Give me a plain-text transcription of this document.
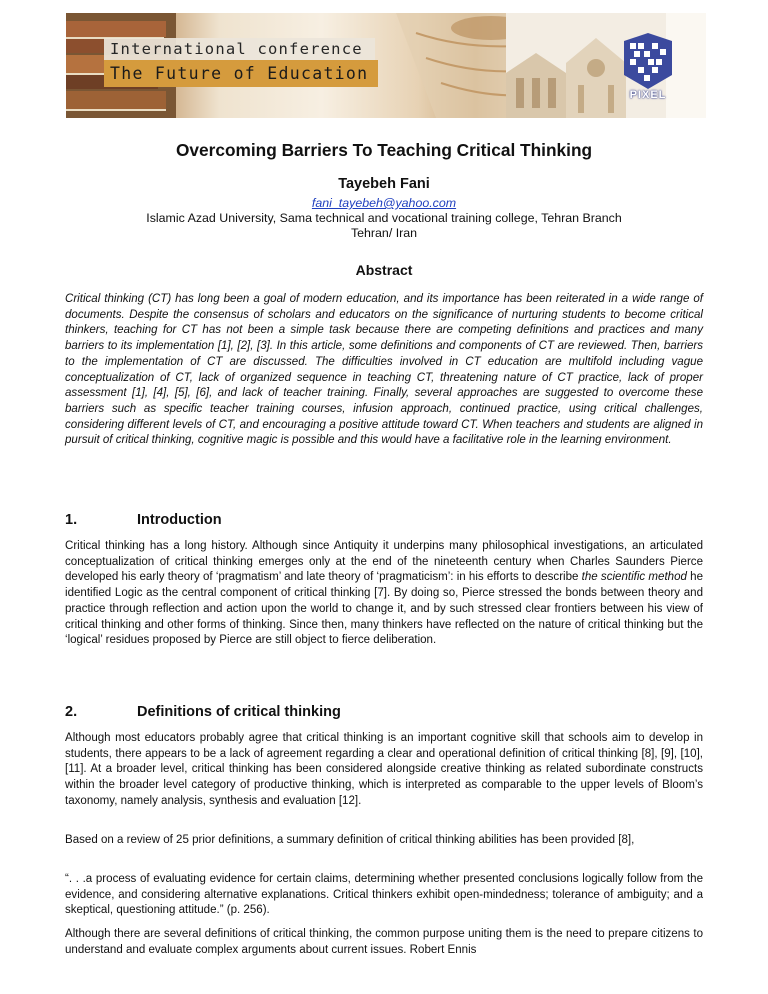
International conference
The Future of Education
PIXEL
Overcoming Barriers To Teaching Critical Thinking
Tayebeh Fani
fani_tayebeh@yahoo.com
Islamic Azad University, Sama technical and vocational training college, Tehran Branch
Tehran/ Iran
Abstract

Critical thinking (CT) has long been a goal of modern education, and its importance has been reiterated in a wide range of documents. Despite the consensus of scholars and educators on the significance of nurturing students to become critical thinkers, teaching for CT has not been a simple task because there are competing definitions and practices and many barriers to its implementation [1], [2], [3]. In this article, some definitions and components of CT are reviewed. Then, barriers to the implementation of CT are discussed. The difficulties involved in CT education are multifold including vague conceptualization of CT, lack of organized sequence in teaching CT, threatening nature of CT practice, lack of proper assessment [1], [4], [5], [6], and lack of teacher training. Finally, several approaches are suggested to overcome these barriers such as specific teacher training courses, infusion approach, continued practice, using critical challenges, considering different levels of CT, and encouraging a positive attitude toward CT. When teachers and students are aligned in pursuit of critical thinking, cognitive magic is possible and this would have a facilitative role in the learning environment.

1.	Introduction

Critical thinking has a long history. Although since Antiquity it underpins many philosophical investigations, an articulated conceptualization of critical thinking emerges only at the end of the nineteenth century when Charles Saunders Pierce developed his early theory of ‘pragmatism’ and late theory of ‘pragmaticism’: in his efforts to describe the scientific method he identified Logic as the central component of critical thinking [7]. By doing so, Pierce stressed the bonds between theory and practice through reflection and action upon the world to change it, and by such stressed clear frontiers between his view of critical thinking and other forms of thinking. Since then, many thinkers have reflected on the nature of critical thinking but the ‘logical’ residues proposed by Pierce are still object to fierce deliberation.

2.	Definitions of critical thinking

Although most educators probably agree that critical thinking is an important cognitive skill that schools aim to develop in students, there appears to be a lack of agreement regarding a clear and operational definition of critical thinking [8], [9], [10], [11]. At a broader level, critical thinking has been considered alongside creative thinking as related subordinate constructs within the broader level category of productive thinking, which is interpreted as comparable to the upper levels of Bloom’s taxonomy, namely analysis, synthesis and evaluation [12].

Based on a review of 25 prior definitions, a summary definition of critical thinking abilities has been provided [8],

“. . .a process of evaluating evidence for certain claims, determining whether presented conclusions logically follow from the evidence, and considering alternative explanations. Critical thinkers exhibit open-mindedness; tolerance of ambiguity; and a skeptical, questioning attitude.” (p. 256).

Although there are several definitions of critical thinking, the common purpose uniting them is the need to prepare citizens to understand and evaluate complex arguments about current issues. Robert Ennis
